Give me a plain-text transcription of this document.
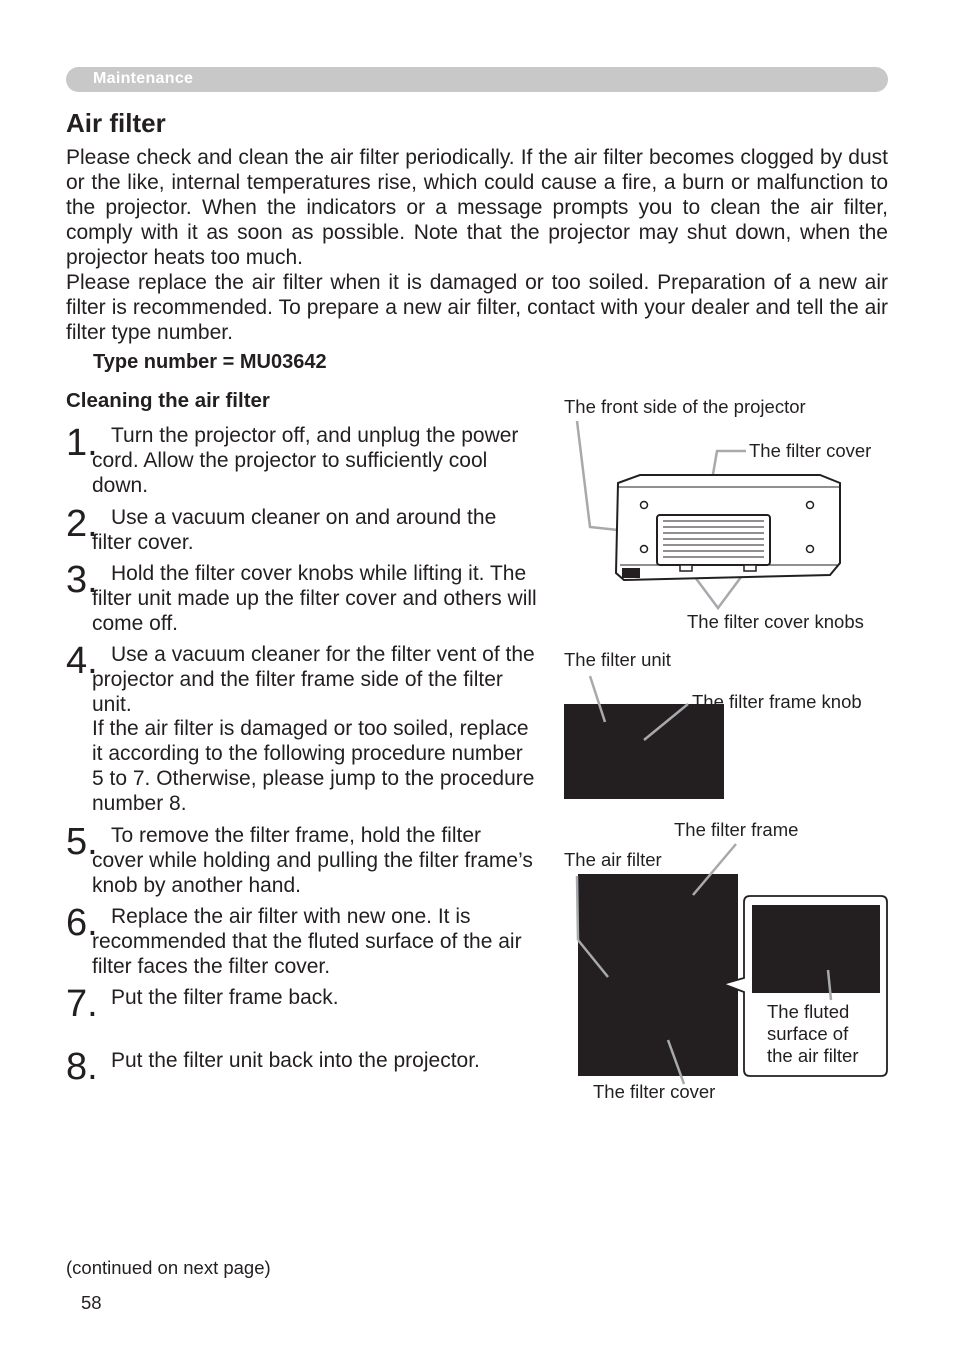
Maintenance
Air filter
Please check and clean the air filter periodically. If the air filter becomes clogged by dust or the like, internal temperatures rise, which could cause a fire, a burn or malfunction to the projector. When the indicators or a message prompts you to clean the air filter, comply with it as soon as possible. Note that the projector may shut down, when the projector heats too much.
Please replace the air filter when it is damaged or too soiled. Preparation of a new air filter is recommended. To prepare a new air filter, contact with your dealer and tell the air filter type number.
Type number = MU03642
Cleaning the air filter
1. Turn the projector off, and unplug the power cord. Allow the projector to sufficiently cool down.
2. Use a vacuum cleaner on and around the filter cover.
3. Hold the filter cover knobs while lifting it. The filter unit made up the filter cover and others will come off.
4. Use a vacuum cleaner for the filter vent of the projector and the filter frame side of the filter unit.
If the air filter is damaged or too soiled, replace it according to the following procedure number 5 to 7. Otherwise, please jump to the procedure number 8.
5. To remove the filter frame, hold the filter cover while holding and pulling the filter frame’s knob by another hand.
6. Replace the air filter with new one. It is recommended that the fluted surface of the air filter faces the filter cover.
7. Put the filter frame back.
8. Put the filter unit back into the projector.
The front side of the projector
The filter cover
The filter cover knobs
The filter unit
The filter frame knob
The filter frame
The air filter
The fluted
surface of
the air filter
The filter cover
(continued on next page)
58
